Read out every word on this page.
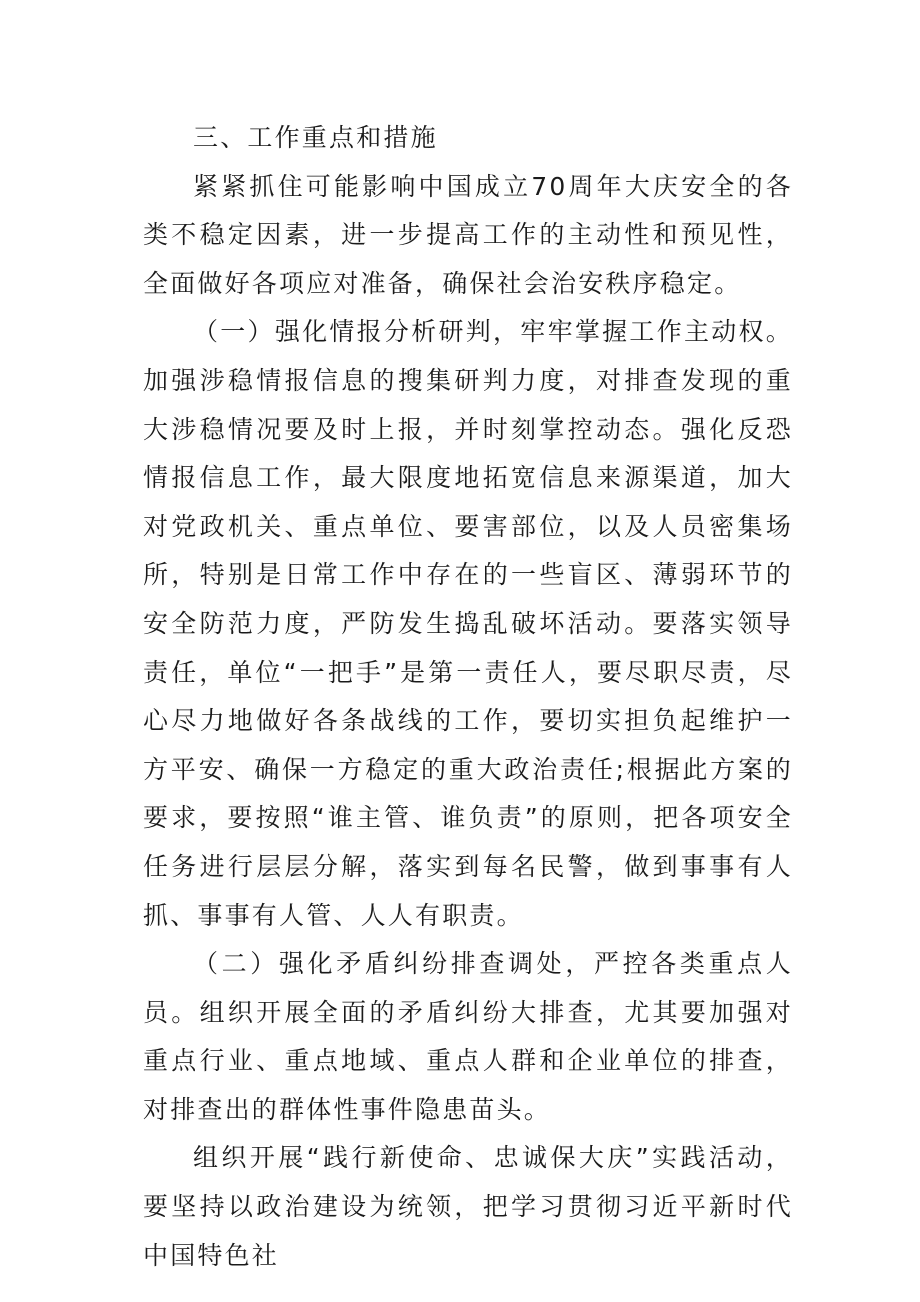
三、工作重点和措施

紧紧抓住可能影响中国成立70周年大庆安全的各类不稳定因素，进一步提高工作的主动性和预见性，全面做好各项应对准备，确保社会治安秩序稳定。

（一）强化情报分析研判，牢牢掌握工作主动权。加强涉稳情报信息的搜集研判力度，对排查发现的重大涉稳情况要及时上报，并时刻掌控动态。强化反恐情报信息工作，最大限度地拓宽信息来源渠道，加大对党政机关、重点单位、要害部位，以及人员密集场所，特别是日常工作中存在的一些盲区、薄弱环节的安全防范力度，严防发生捣乱破坏活动。要落实领导责任，单位“一把手”是第一责任人，要尽职尽责，尽心尽力地做好各条战线的工作，要切实担负起维护一方平安、确保一方稳定的重大政治责任;根据此方案的要求，要按照“谁主管、谁负责”的原则，把各项安全任务进行层层分解，落实到每名民警，做到事事有人抓、事事有人管、人人有职责。

（二）强化矛盾纠纷排查调处，严控各类重点人员。组织开展全面的矛盾纠纷大排查，尤其要加强对重点行业、重点地域、重点人群和企业单位的排查，对排查出的群体性事件隐患苗头。

组织开展“践行新使命、忠诚保大庆”实践活动，要坚持以政治建设为统领，把学习贯彻习近平新时代中国特色社
